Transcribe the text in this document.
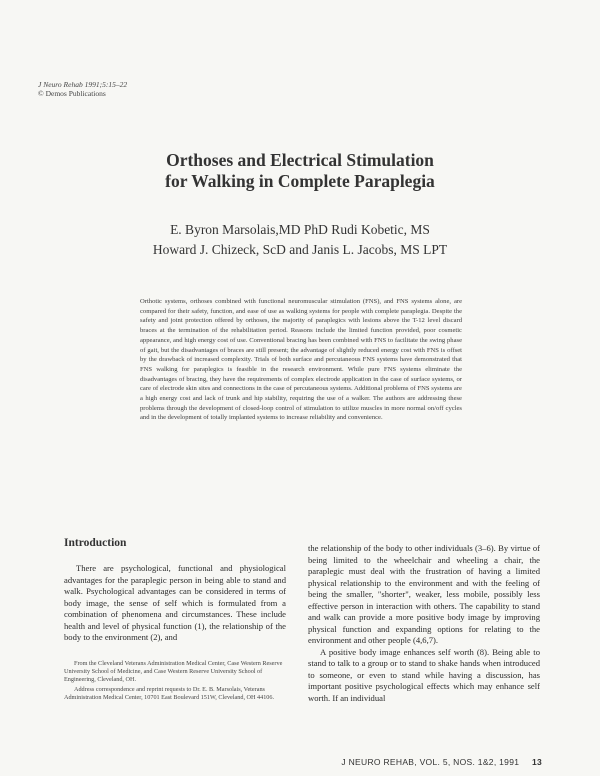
J Neuro Rehab 1991;5:15–22
© Demos Publications
Orthoses and Electrical Stimulation
for Walking in Complete Paraplegia
E. Byron Marsolais,MD PhD Rudi Kobetic, MS
Howard J. Chizeck, ScD and Janis L. Jacobs, MS LPT
Orthotic systems, orthoses combined with functional neuromuscular stimulation (FNS), and FNS systems alone, are compared for their safety, function, and ease of use as walking systems for people with complete paraplegia. Despite the safety and joint protection offered by orthoses, the majority of paraplegics with lesions above the T-12 level discard braces at the termination of the rehabilitation period. Reasons include the limited function provided, poor cosmetic appearance, and high energy cost of use. Conventional bracing has been combined with FNS to facilitate the swing phase of gait, but the disadvantages of braces are still present; the advantage of slightly reduced energy cost with FNS is offset by the drawback of increased complexity. Trials of both surface and percutaneous FNS systems have demonstrated that FNS walking for paraplegics is feasible in the research environment. While pure FNS systems eliminate the disadvantages of bracing, they have the requirements of complex electrode application in the case of surface systems, or care of electrode skin sites and connections in the case of percutaneous systems. Additional problems of FNS systems are a high energy cost and lack of trunk and hip stability, requiring the use of a walker. The authors are addressing these problems through the development of closed-loop control of stimulation to utilize muscles in more normal on/off cycles and in the development of totally implanted systems to increase reliability and convenience.
Introduction

There are psychological, functional and physiological advantages for the paraplegic person in being able to stand and walk. Psychological advantages can be considered in terms of body image, the sense of self which is formulated from a combination of phenomena and circumstances. These include health and level of physical function (1), the relationship of the body to the environment (2), and

From the Cleveland Veterans Administration Medical Center, Case Western Reserve University School of Medicine, and Case Western Reserve University School of Engineering, Cleveland, OH.

Address correspondence and reprint requests to Dr. E. B. Marsolais, Veterans Administration Medical Center, 10701 East Boulevard 151W, Cleveland, OH 44106.

the relationship of the body to other individuals (3–6). By virtue of being limited to the wheelchair and wheeling a chair, the paraplegic must deal with the frustration of having a limited physical relationship to the environment and with the feeling of being the smaller, "shorter", weaker, less mobile, possibly less effective person in interaction with others. The capability to stand and walk can provide a more positive body image by improving physical function and expanding options for relating to the environment and other people (4,6,7).

A positive body image enhances self worth (8). Being able to stand to talk to a group or to stand to shake hands when introduced to someone, or even to stand while having a discussion, has important positive psychological effects which may enhance self worth. If an individual

J NEURO REHAB, VOL. 5, NOS. 1&2, 1991 13
